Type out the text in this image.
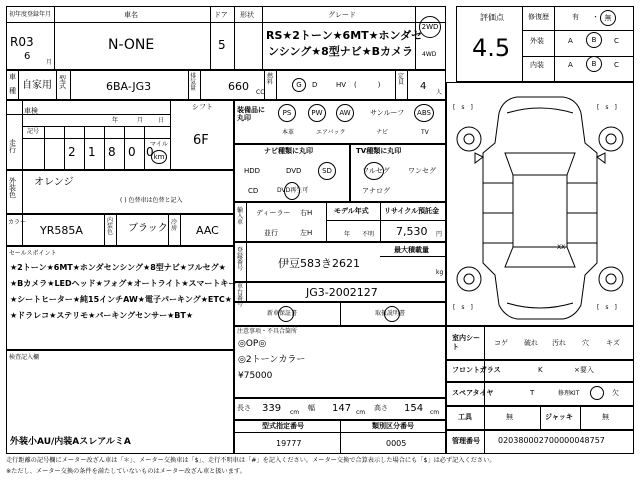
初年度登録年月	車名	ドア 形状	グレード
R03
6
月
N-ONE	5
RS★2トーン★6MT★ホンダセ
ンシング★8型ナビ★Bカメラ
2WD
4WD
車
種 自家用
型式	6BA-JG3
排気量	660 CC
燃料	G	D	HV (　　　)
定員 4
人
車検
年	月 日
走行
記号
2 1 8 0 0
マイル
km
シフト
6F
外装色
オレンジ
( ) 色替車は色替と記入
カラー
YR585A
内装色 ブラック
冷房 AAC
セールスポイント
★2トーン★6MT★ホンダセンシング★8型ナビ★フルセグ★
★Bカメラ★LEDヘッド★フォグ★オートライト★スマートキー
★シートヒーター★純15インチAW★電子パーキング★ETC★
★ドラレコ★ステリモ★パーキングセンサー★BT★
検査記入欄
外装小AU/内装AスレアルミA
装備品に丸印
PS	PW	AW	サンルーフ	ABS
本革	エアバック	ナビ	TV
ナビ種類に丸印	TV種類に丸印
HDD	DVD	SD
CD	DVD再生可
フルセグ	ワンセグ
アナログ
輸入車
ディーラー 右H
並行	左H
モデル年式 リサイクル預託金
年 不明 7,530 円
登録番号
最大積載量
伊豆583き2621
kg
車台番号
JG3-2002127
新車保証書	取扱説明書
注意事項・不具合箇所
◎OP◎
◎2トーンカラー
¥75000
長さ 339 cm
幅 147 cm
高さ 154 cm
型式指定番号	類別区分番号
19777	0005
評価点
4.5
修復歴	有 ・ 無
外装	A	B	C
内装	A	B	C
[　s　]	[　s　]
[　s　]	[　s　]
XX
室内シート
コゲ 破れ 汚れ 穴 キズ
フロントガラス	K	×要入
スペアタイヤ	T	修理KIT	欠
工具	無	ジャッキ	無
管理番号 020380002700000048757
走行距離の記号欄にメーター改ざん車は「＊」、メーター交換車は「$」、走行不明車は「#」を記入ください。メーター交換で合算表示した場合にも「$」は必ず記入ください。
※ただし、メーター交換の条件を満たしていないものはメーター改ざん車と扱います。
